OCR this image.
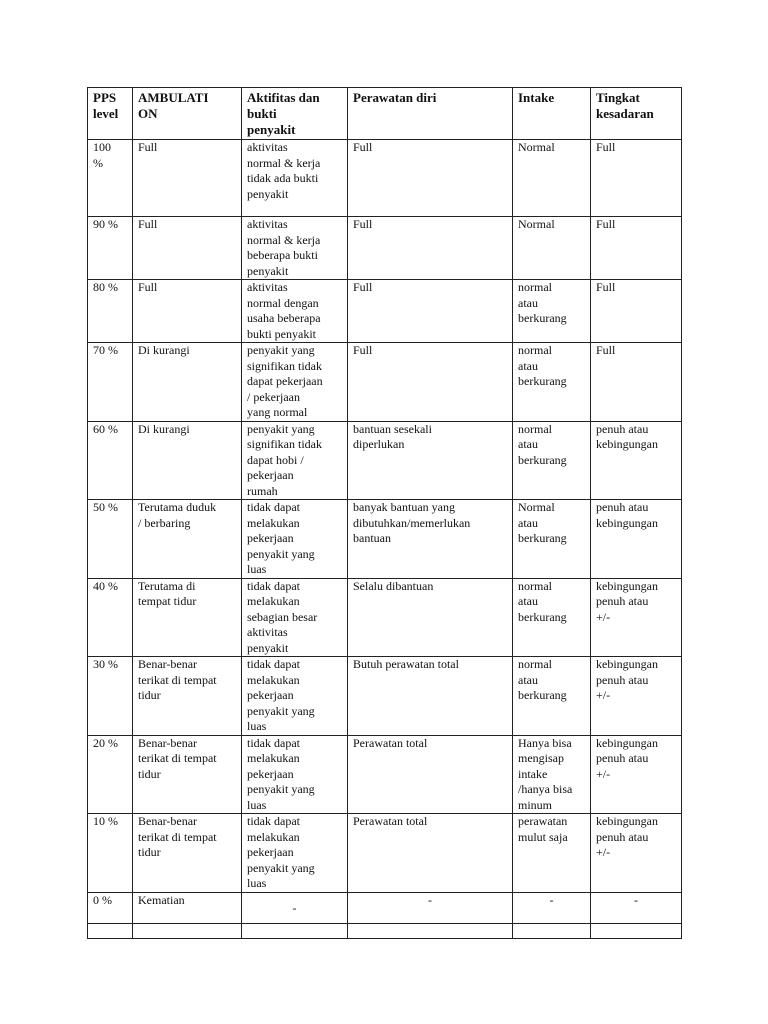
PPS
level	AMBULATI
ON	Aktifitas dan
bukti
penyakit	Perawatan diri	Intake	Tingkat
kesadaran

100
%	Full	aktivitas
normal & kerja
tidak ada bukti
penyakit	Full	Normal	Full

90 %	Full	aktivitas
normal & kerja
beberapa bukti
penyakit	Full	Normal	Full

80 %	Full	aktivitas
normal dengan
usaha beberapa
bukti penyakit	Full	normal
atau
berkurang	Full

70 %	Di kurangi	penyakit yang
signifikan tidak
dapat pekerjaan
/ pekerjaan
yang normal	Full	normal
atau
berkurang	Full

60 %	Di kurangi	penyakit yang
signifikan tidak
dapat hobi /
pekerjaan
rumah	bantuan sesekali
diperlukan	normal
atau
berkurang	penuh atau
kebingungan

50 %	Terutama duduk
/ berbaring	tidak dapat
melakukan
pekerjaan
penyakit yang
luas	banyak bantuan yang
dibutuhkan/memerlukan
bantuan	Normal
atau
berkurang	penuh atau
kebingungan

40 %	Terutama di
tempat tidur	tidak dapat
melakukan
sebagian besar
aktivitas
penyakit	Selalu dibantuan	normal
atau
berkurang	kebingungan
penuh atau
+/-

30 %	Benar-benar
terikat di tempat
tidur	tidak dapat
melakukan
pekerjaan
penyakit yang
luas	Butuh perawatan total	normal
atau
berkurang	kebingungan
penuh atau
+/-

20 %	Benar-benar
terikat di tempat
tidur	tidak dapat
melakukan
pekerjaan
penyakit yang
luas	Perawatan total	Hanya bisa
mengisap
intake
/hanya bisa
minum	kebingungan
penuh atau
+/-

10 %	Benar-benar
terikat di tempat
tidur	tidak dapat
melakukan
pekerjaan
penyakit yang
luas	Perawatan total	perawatan
mulut saja	kebingungan
penuh atau
+/-

0 %	Kematian	-	-	-	-
